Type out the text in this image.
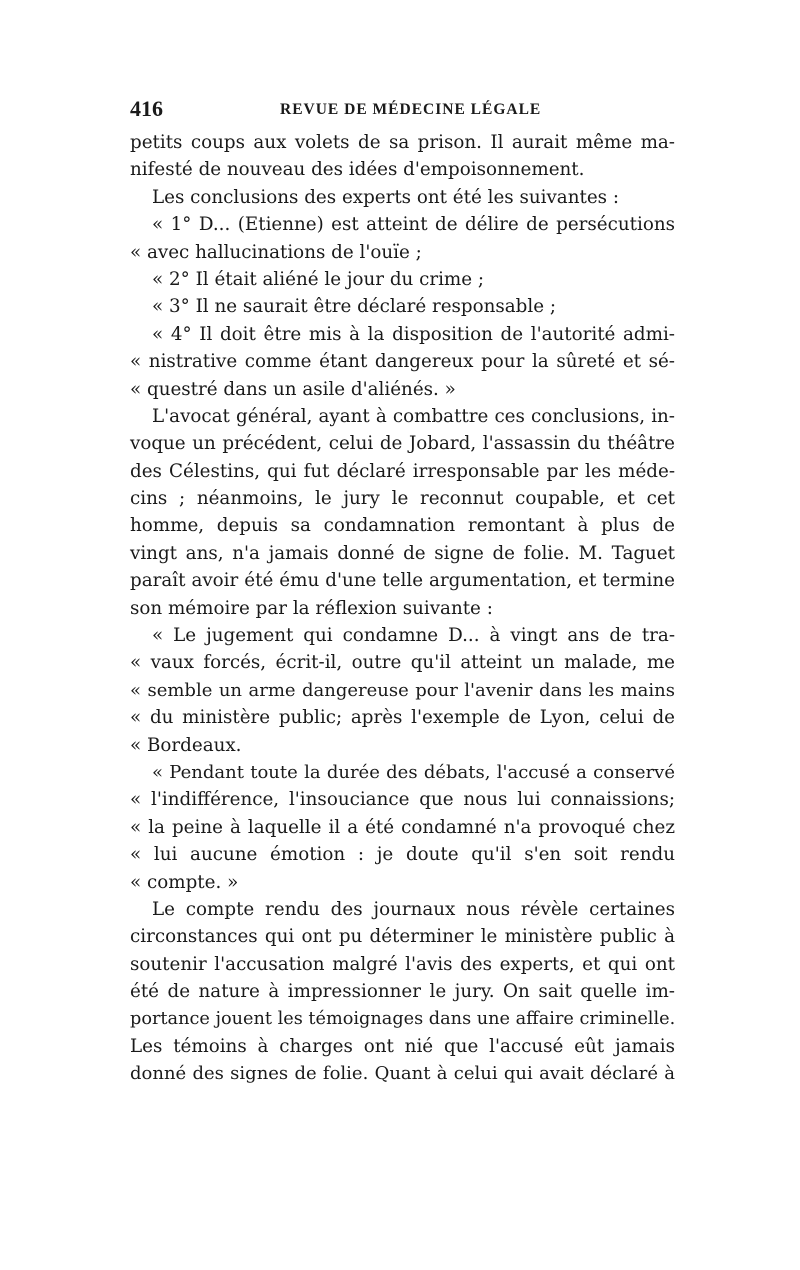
416	REVUE DE MÉDECINE LÉGALE
petits coups aux volets de sa prison. Il aurait même ma-
nifesté de nouveau des idées d'empoisonnement.
Les conclusions des experts ont été les suivantes :
« 1° D... (Etienne) est atteint de délire de persécutions
« avec hallucinations de l'ouïe ;
« 2° Il était aliéné le jour du crime ;
« 3° Il ne saurait être déclaré responsable ;
« 4° Il doit être mis à la disposition de l'autorité admi-
« nistrative comme étant dangereux pour la sûreté et sé-
« questré dans un asile d'aliénés. »
L'avocat général, ayant à combattre ces conclusions, in-
voque un précédent, celui de Jobard, l'assassin du théâtre
des Célestins, qui fut déclaré irresponsable par les méde-
cins ; néanmoins, le jury le reconnut coupable, et cet
homme, depuis sa condamnation remontant à plus de
vingt ans, n'a jamais donné de signe de folie. M. Taguet
paraît avoir été ému d'une telle argumentation, et termine
son mémoire par la réflexion suivante :
« Le jugement qui condamne D... à vingt ans de tra-
« vaux forcés, écrit-il, outre qu'il atteint un malade, me
« semble un arme dangereuse pour l'avenir dans les mains
« du ministère public; après l'exemple de Lyon, celui de
« Bordeaux.
« Pendant toute la durée des débats, l'accusé a conservé
« l'indifférence, l'insouciance que nous lui connaissions;
« la peine à laquelle il a été condamné n'a provoqué chez
« lui aucune émotion : je doute qu'il s'en soit rendu
« compte. »
Le compte rendu des journaux nous révèle certaines
circonstances qui ont pu déterminer le ministère public à
soutenir l'accusation malgré l'avis des experts, et qui ont
été de nature à impressionner le jury. On sait quelle im-
portance jouent les témoignages dans une affaire criminelle.
Les témoins à charges ont nié que l'accusé eût jamais
donné des signes de folie. Quant à celui qui avait déclaré à
